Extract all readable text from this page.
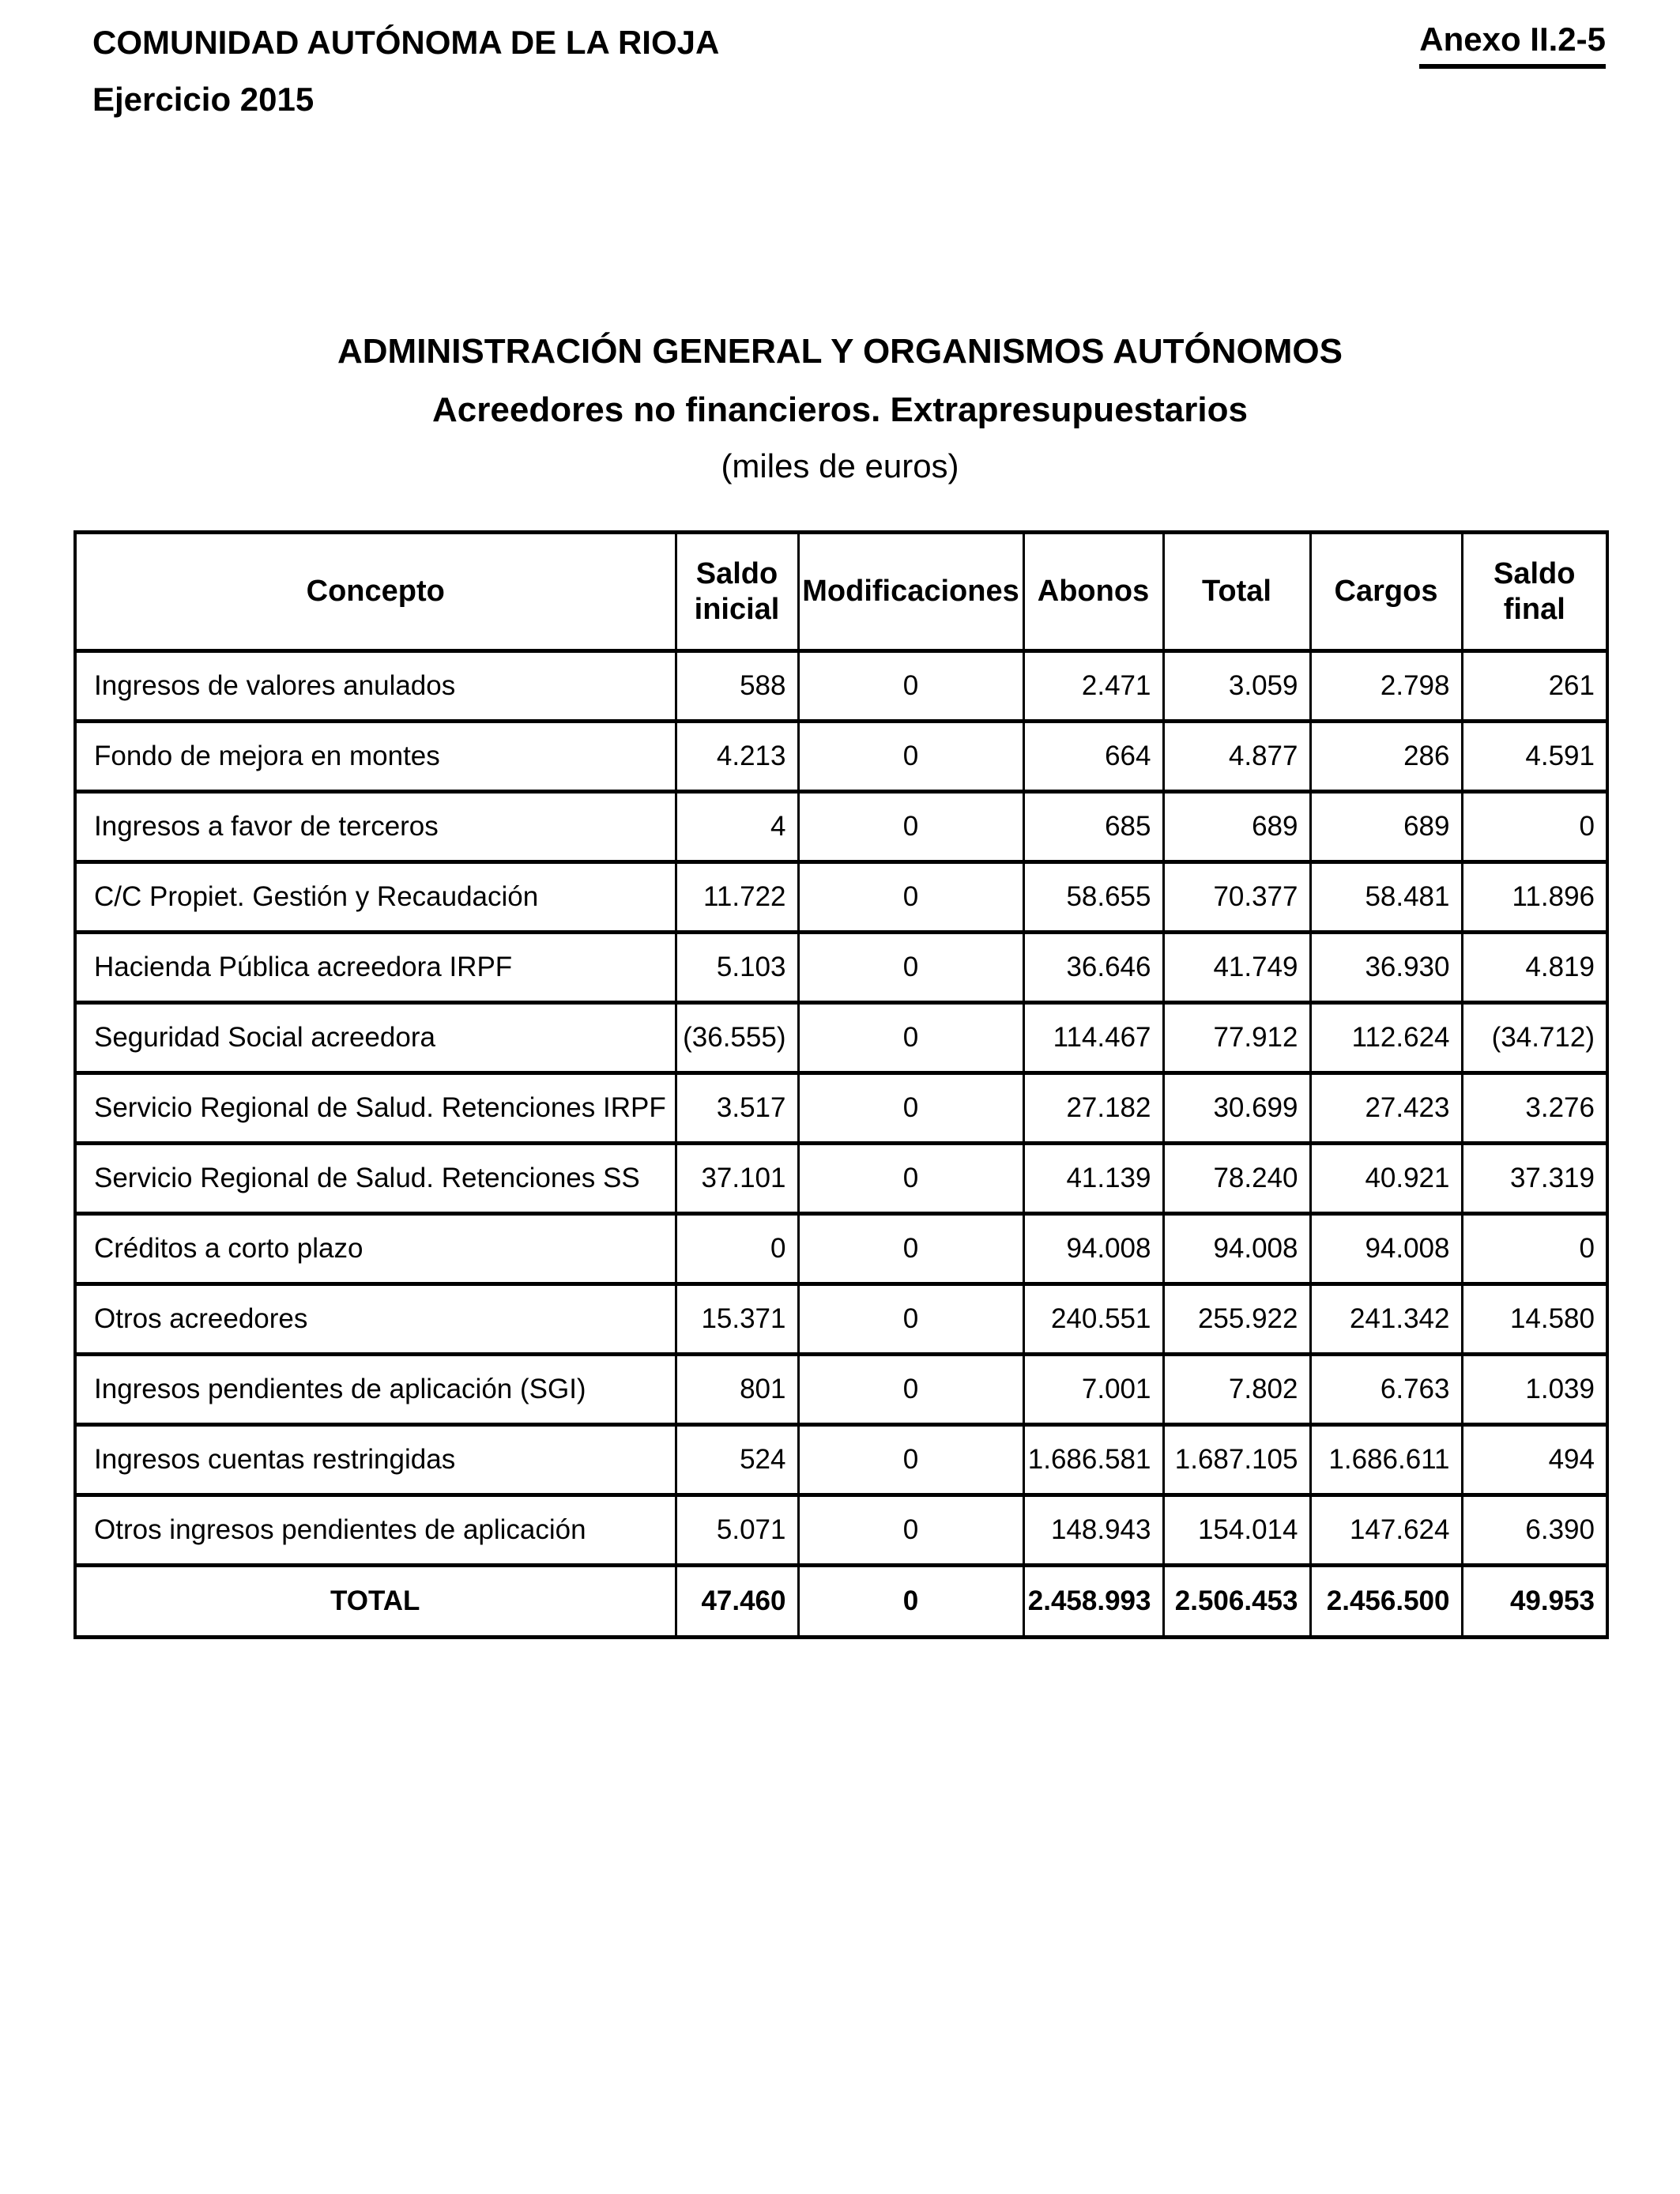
COMUNIDAD AUTÓNOMA DE LA RIOJA	Anexo II.2-5
Ejercicio 2015
ADMINISTRACIÓN GENERAL Y ORGANISMOS AUTÓNOMOS
Acreedores no financieros. Extrapresupuestarios
(miles de euros)
Concepto	Saldo inicial	Modificaciones	Abonos	Total	Cargos	Saldo final
Ingresos de valores anulados	588	0	2.471	3.059	2.798	261
Fondo de mejora en montes	4.213	0	664	4.877	286	4.591
Ingresos a favor de terceros	4	0	685	689	689	0
C/C Propiet. Gestión y Recaudación	11.722	0	58.655	70.377	58.481	11.896
Hacienda Pública acreedora IRPF	5.103	0	36.646	41.749	36.930	4.819
Seguridad Social acreedora	(36.555)	0	114.467	77.912	112.624	(34.712)
Servicio Regional de Salud. Retenciones IRPF	3.517	0	27.182	30.699	27.423	3.276
Servicio Regional de Salud. Retenciones SS	37.101	0	41.139	78.240	40.921	37.319
Créditos a corto plazo	0	0	94.008	94.008	94.008	0
Otros acreedores	15.371	0	240.551	255.922	241.342	14.580
Ingresos pendientes de aplicación (SGI)	801	0	7.001	7.802	6.763	1.039
Ingresos cuentas restringidas	524	0	1.686.581	1.687.105	1.686.611	494
Otros ingresos pendientes de aplicación	5.071	0	148.943	154.014	147.624	6.390
TOTAL	47.460	0	2.458.993	2.506.453	2.456.500	49.953
